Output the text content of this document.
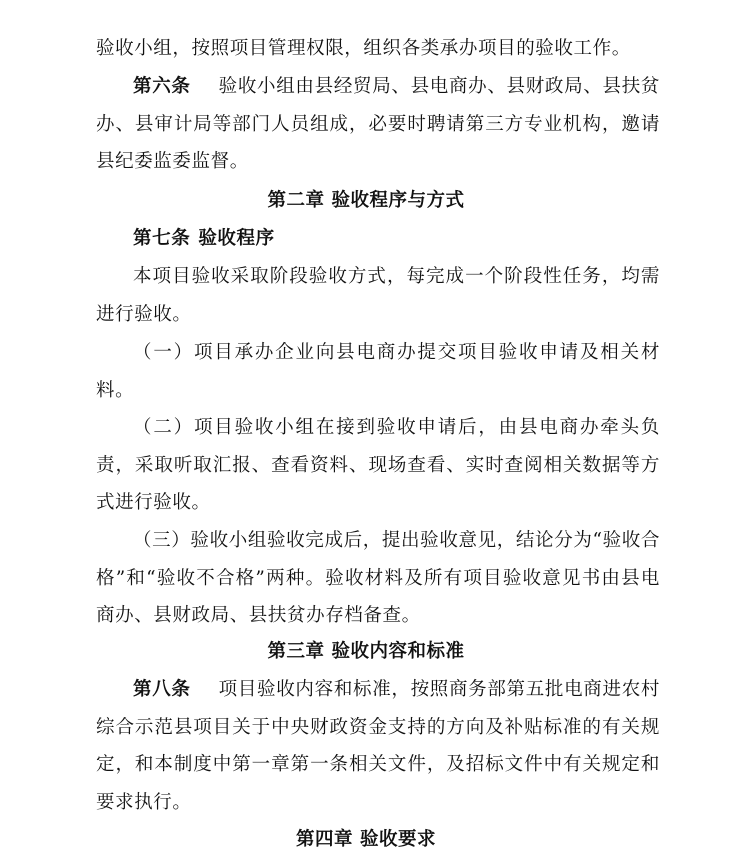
验收小组，按照项目管理权限，组织各类承办项目的验收工作。

第六条 验收小组由县经贸局、县电商办、县财政局、县扶贫办、县审计局等部门人员组成，必要时聘请第三方专业机构，邀请县纪委监委监督。

第二章 验收程序与方式

第七条 验收程序

本项目验收采取阶段验收方式，每完成一个阶段性任务，均需进行验收。

（一）项目承办企业向县电商办提交项目验收申请及相关材料。

（二）项目验收小组在接到验收申请后，由县电商办牵头负责，采取听取汇报、查看资料、现场查看、实时查阅相关数据等方式进行验收。

（三）验收小组验收完成后，提出验收意见，结论分为“验收合格”和“验收不合格”两种。验收材料及所有项目验收意见书由县电商办、县财政局、县扶贫办存档备查。

第三章 验收内容和标准

第八条 项目验收内容和标准，按照商务部第五批电商进农村综合示范县项目关于中央财政资金支持的方向及补贴标准的有关规定，和本制度中第一章第一条相关文件，及招标文件中有关规定和要求执行。

第四章 验收要求
